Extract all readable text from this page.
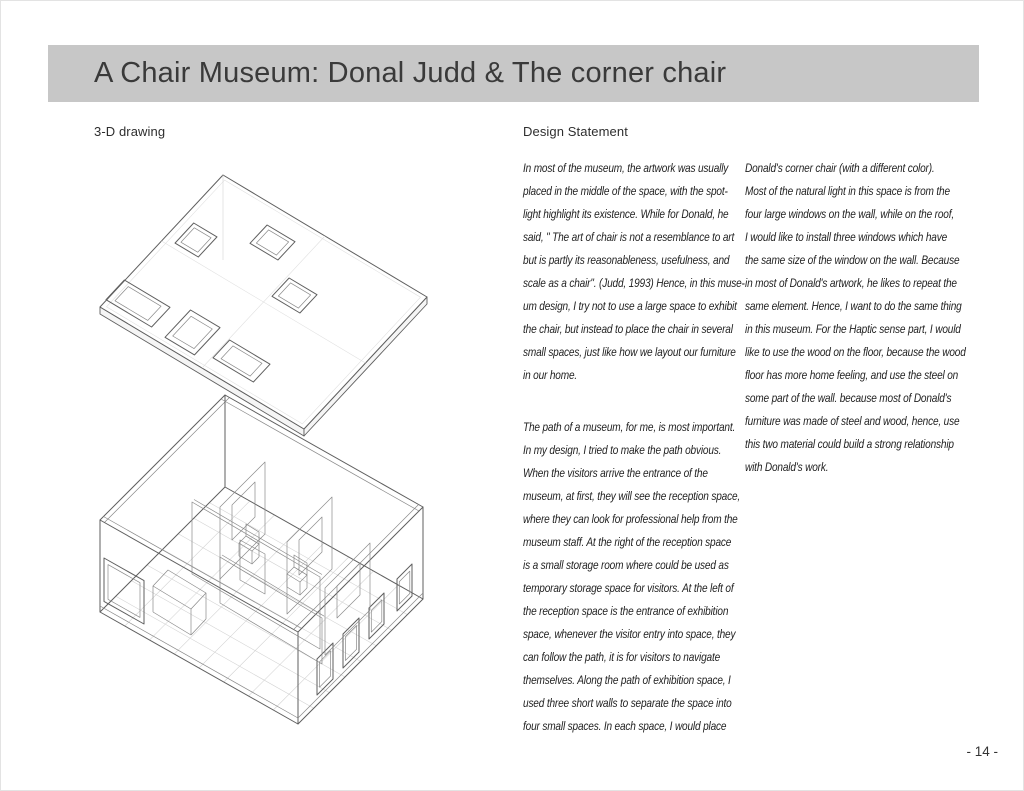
A Chair Museum: Donal Judd & The corner chair
3-D drawing	Design Statement
In most of the museum, the artwork was usually
placed in the middle of the space, with the spot-
light highlight its existence. While for Donald, he
said, " The art of chair is not a resemblance to art
but is partly its reasonableness, usefulness, and
scale as a chair". (Judd, 1993) Hence, in this muse-
um design, I try not to use a large space to exhibit
the chair, but instead to place the chair in several
small spaces, just like how we layout our furniture
in our home.
The path of a museum, for me, is most important.
In my design, I tried to make the path obvious.
When the visitors arrive the entrance of the
museum, at first, they will see the reception space,
where they can look for professional help from the
museum staff. At the right of the reception space
is a small storage room where could be used as
temporary storage space for visitors. At the left of
the reception space is the entrance of exhibition
space, whenever the visitor entry into space, they
can follow the path, it is for visitors to navigate
themselves. Along the path of exhibition space, I
used three short walls to separate the space into
four small spaces. In each space, I would place
Donald's corner chair (with a different color).
Most of the natural light in this space is from the
four large windows on the wall, while on the roof,
I would like to install three windows which have
the same size of the window on the wall. Because
in most of Donald's artwork, he likes to repeat the
same element. Hence, I want to do the same thing
in this museum. For the Haptic sense part, I would
like to use the wood on the floor, because the wood
floor has more home feeling, and use the steel on
some part of the wall. because most of Donald's
furniture was made of steel and wood, hence, use
this two material could build a strong relationship
with Donald's work.
- 14 -
